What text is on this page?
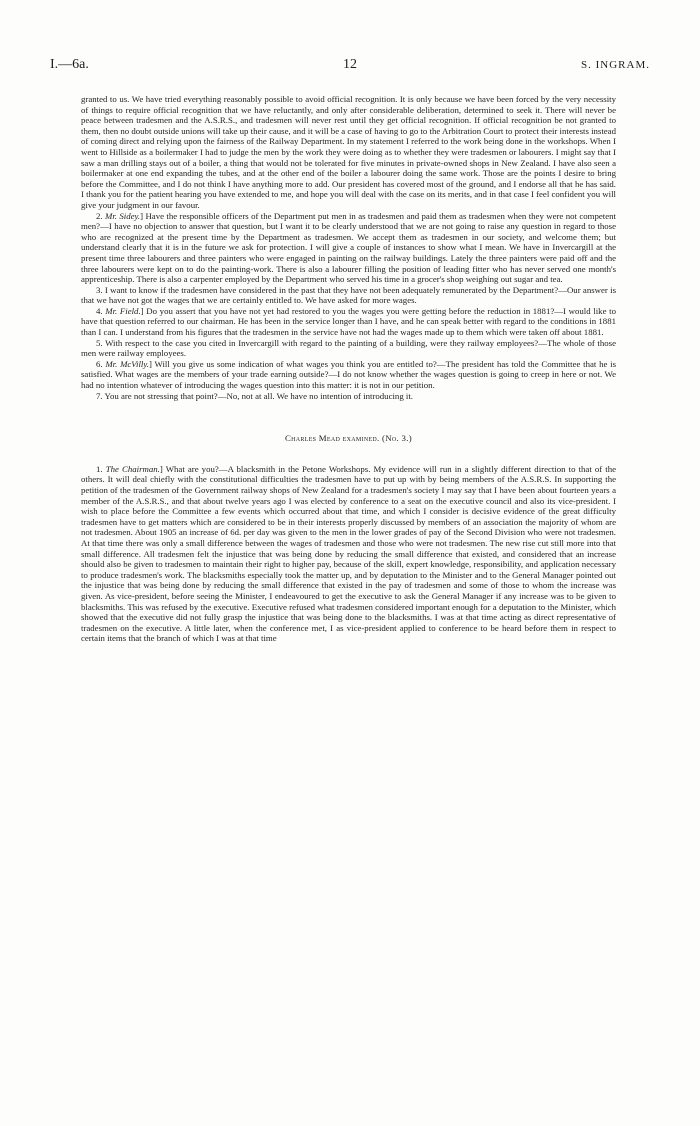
I.—6a.	12	S. INGRAM.

granted to us. We have tried everything reasonably possible to avoid official recognition. It is only because we have been forced by the very necessity of things to require official recognition that we have reluctantly, and only after considerable deliberation, determined to seek it. There will never be peace between tradesmen and the A.S.R.S., and tradesmen will never rest until they get official recognition. If official recognition be not granted to them, then no doubt outside unions will take up their cause, and it will be a case of having to go to the Arbitration Court to protect their interests instead of coming direct and relying upon the fairness of the Railway Department. In my statement I referred to the work being done in the workshops. When I went to Hillside as a boilermaker I had to judge the men by the work they were doing as to whether they were tradesmen or labourers. I might say that I saw a man drilling stays out of a boiler, a thing that would not be tolerated for five minutes in private-owned shops in New Zealand. I have also seen a boilermaker at one end expanding the tubes, and at the other end of the boiler a labourer doing the same work. Those are the points I desire to bring before the Committee, and I do not think I have anything more to add. Our president has covered most of the ground, and I endorse all that he has said. I thank you for the patient hearing you have extended to me, and hope you will deal with the case on its merits, and in that case I feel confident you will give your judgment in our favour.

2. Mr. Sidey.] Have the responsible officers of the Department put men in as tradesmen and paid them as tradesmen when they were not competent men?—I have no objection to answer that question, but I want it to be clearly understood that we are not going to raise any question in regard to those who are recognized at the present time by the Department as tradesmen. We accept them as tradesmen in our society, and welcome them; but understand clearly that it is in the future we ask for protection. I will give a couple of instances to show what I mean. We have in Invercargill at the present time three labourers and three painters who were engaged in painting on the railway buildings. Lately the three painters were paid off and the three labourers were kept on to do the painting-work. There is also a labourer filling the position of leading fitter who has never served one month's apprenticeship. There is also a carpenter employed by the Department who served his time in a grocer's shop weighing out sugar and tea.

3. I want to know if the tradesmen have considered in the past that they have not been adequately remunerated by the Department?—Our answer is that we have not got the wages that we are certainly entitled to. We have asked for more wages.

4. Mr. Field.] Do you assert that you have not yet had restored to you the wages you were getting before the reduction in 1881?—I would like to have that question referred to our chairman. He has been in the service longer than I have, and he can speak better with regard to the conditions in 1881 than I can. I understand from his figures that the tradesmen in the service have not had the wages made up to them which were taken off about 1881.

5. With respect to the case you cited in Invercargill with regard to the painting of a building, were they railway employees?—The whole of those men were railway employees.

6. Mr. McVilly.] Will you give us some indication of what wages you think you are entitled to?—The president has told the Committee that he is satisfied. What wages are the members of your trade earning outside?—I do not know whether the wages question is going to creep in here or not. We had no intention whatever of introducing the wages question into this matter: it is not in our petition.

7. You are not stressing that point?—No, not at all. We have no intention of introducing it.

Charles Mead examined. (No. 3.)

1. The Chairman.] What are you?—A blacksmith in the Petone Workshops. My evidence will run in a slightly different direction to that of the others. It will deal chiefly with the constitutional difficulties the tradesmen have to put up with by being members of the A.S.R.S. In supporting the petition of the tradesmen of the Government railway shops of New Zealand for a tradesmen's society I may say that I have been about fourteen years a member of the A.S.R.S., and that about twelve years ago I was elected by conference to a seat on the executive council and also its vice-president. I wish to place before the Committee a few events which occurred about that time, and which I consider is decisive evidence of the great difficulty tradesmen have to get matters which are considered to be in their interests properly discussed by members of an association the majority of whom are not tradesmen. About 1905 an increase of 6d. per day was given to the men in the lower grades of pay of the Second Division who were not tradesmen. At that time there was only a small difference between the wages of tradesmen and those who were not tradesmen. The new rise cut still more into that small difference. All tradesmen felt the injustice that was being done by reducing the small difference that existed, and considered that an increase should also be given to tradesmen to maintain their right to higher pay, because of the skill, expert knowledge, responsibility, and application necessary to produce tradesmen's work. The blacksmiths especially took the matter up, and by deputation to the Minister and to the General Manager pointed out the injustice that was being done by reducing the small difference that existed in the pay of tradesmen and some of those to whom the increase was given. As vice-president, before seeing the Minister, I endeavoured to get the executive to ask the General Manager if any increase was to be given to blacksmiths. This was refused by the executive. Executive refused what tradesmen considered important enough for a deputation to the Minister, which showed that the executive did not fully grasp the injustice that was being done to the blacksmiths. I was at that time acting as direct representative of tradesmen on the executive. A little later, when the conference met, I as vice-president applied to conference to be heard before them in respect to certain items that the branch of which I was at that time
